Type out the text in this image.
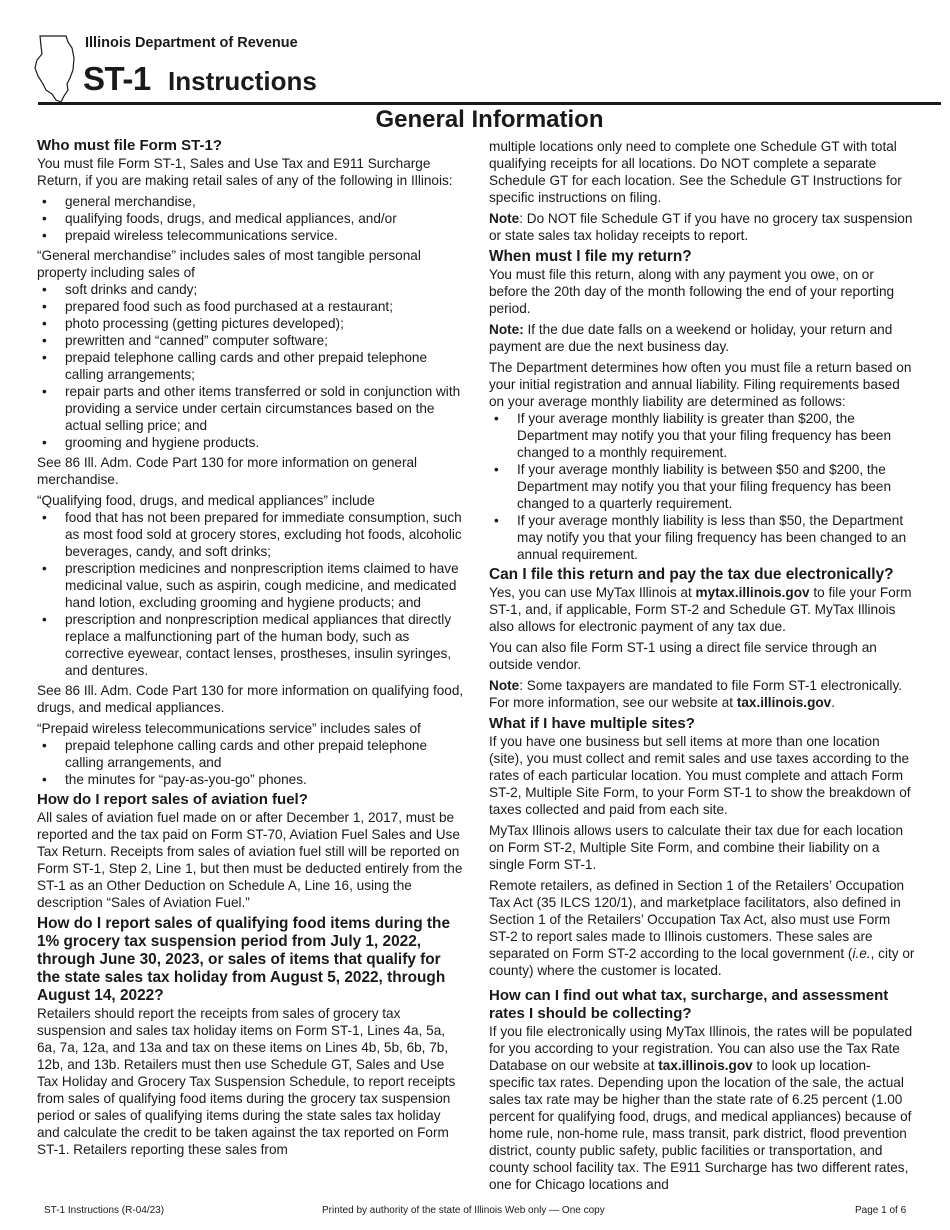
Illinois Department of Revenue
ST-1 Instructions
General Information
Who must file Form ST-1?

You must file Form ST-1, Sales and Use Tax and E911 Surcharge Return, if you are making retail sales of any of the following in Illinois:

• general merchandise,
• qualifying foods, drugs, and medical appliances, and/or
• prepaid wireless telecommunications service.

“General merchandise” includes sales of most tangible personal property including sales of

• soft drinks and candy;
• prepared food such as food purchased at a restaurant;
• photo processing (getting pictures developed);
• prewritten and “canned” computer software;
• prepaid telephone calling cards and other prepaid telephone calling arrangements;
• repair parts and other items transferred or sold in conjunction with providing a service under certain circumstances based on the actual selling price; and
• grooming and hygiene products.

See 86 Ill. Adm. Code Part 130 for more information on general merchandise.

“Qualifying food, drugs, and medical appliances” include

• food that has not been prepared for immediate consumption, such as most food sold at grocery stores, excluding hot foods, alcoholic beverages, candy, and soft drinks;
• prescription medicines and nonprescription items claimed to have medicinal value, such as aspirin, cough medicine, and medicated hand lotion, excluding grooming and hygiene products; and
• prescription and nonprescription medical appliances that directly replace a malfunctioning part of the human body, such as corrective eyewear, contact lenses, prostheses, insulin syringes, and dentures.

See 86 Ill. Adm. Code Part 130 for more information on qualifying food, drugs, and medical appliances.

“Prepaid wireless telecommunications service” includes sales of

• prepaid telephone calling cards and other prepaid telephone calling arrangements, and
• the minutes for “pay-as-you-go” phones.
How do I report sales of aviation fuel?

All sales of aviation fuel made on or after December 1, 2017, must be reported and the tax paid on Form ST-70, Aviation Fuel Sales and Use Tax Return. Receipts from sales of aviation fuel still will be reported on Form ST-1, Step 2, Line 1, but then must be deducted entirely from the ST-1 as an Other Deduction on Schedule A, Line 16, using the description “Sales of Aviation Fuel.”

How do I report sales of qualifying food items during the 1% grocery tax suspension period from July 1, 2022, through June 30, 2023, or sales of items that qualify for the state sales tax holiday from August 5, 2022, through August 14, 2022?

Retailers should report the receipts from sales of grocery tax suspension and sales tax holiday items on Form ST-1, Lines 4a, 5a, 6a, 7a, 12a, and 13a and tax on these items on Lines 4b, 5b, 6b, 7b, 12b, and 13b. Retailers must then use Schedule GT, Sales and Use Tax Holiday and Grocery Tax Suspension Schedule, to report receipts from sales of qualifying food items during the grocery tax suspension period or sales of qualifying items during the state sales tax holiday and calculate the credit to be taken against the tax reported on Form ST-1. Retailers reporting these sales from

multiple locations only need to complete one Schedule GT with total qualifying receipts for all locations. Do NOT complete a separate Schedule GT for each location. See the Schedule GT Instructions for specific instructions on filing.

Note: Do NOT file Schedule GT if you have no grocery tax suspension or state sales tax holiday receipts to report.

When must I file my return?

You must file this return, along with any payment you owe, on or before the 20th day of the month following the end of your reporting period.

Note: If the due date falls on a weekend or holiday, your return and payment are due the next business day.

The Department determines how often you must file a return based on your initial registration and annual liability. Filing requirements based on your average monthly liability are determined as follows:

• If your average monthly liability is greater than $200, the Department may notify you that your filing frequency has been changed to a monthly requirement.
• If your average monthly liability is between $50 and $200, the Department may notify you that your filing frequency has been changed to a quarterly requirement.
• If your average monthly liability is less than $50, the Department may notify you that your filing frequency has been changed to an annual requirement.
Can I file this return and pay the tax due electronically?

Yes, you can use MyTax Illinois at mytax.illinois.gov to file your Form ST-1, and, if applicable, Form ST-2 and Schedule GT. MyTax Illinois also allows for electronic payment of any tax due.

You can also file Form ST-1 using a direct file service through an outside vendor.

Note: Some taxpayers are mandated to file Form ST-1 electronically. For more information, see our website at tax.illinois.gov.

What if I have multiple sites?

If you have one business but sell items at more than one location (site), you must collect and remit sales and use taxes according to the rates of each particular location. You must complete and attach Form ST-2, Multiple Site Form, to your Form ST-1 to show the breakdown of taxes collected and paid from each site.

MyTax Illinois allows users to calculate their tax due for each location on Form ST-2, Multiple Site Form, and combine their liability on a single Form ST-1.

Remote retailers, as defined in Section 1 of the Retailers’ Occupation Tax Act (35 ILCS 120/1), and marketplace facilitators, also defined in Section 1 of the Retailers’ Occupation Tax Act, also must use Form ST-2 to report sales made to Illinois customers. These sales are separated on Form ST-2 according to the local government (i.e., city or county) where the customer is located.

How can I find out what tax, surcharge, and assessment rates I should be collecting?

If you file electronically using MyTax Illinois, the rates will be populated for you according to your registration. You can also use the Tax Rate Database on our website at tax.illinois.gov to look up location-specific tax rates. Depending upon the location of the sale, the actual sales tax rate may be higher than the state rate of 6.25 percent (1.00 percent for qualifying food, drugs, and medical appliances) because of home rule, non-home rule, mass transit, park district, flood prevention district, county public safety, public facilities or transportation, and county school facility tax. The E911 Surcharge has two different rates, one for Chicago locations and

ST-1 Instructions (R-04/23)	Printed by authority of the state of Illinois Web only — One copy	Page 1 of 6
